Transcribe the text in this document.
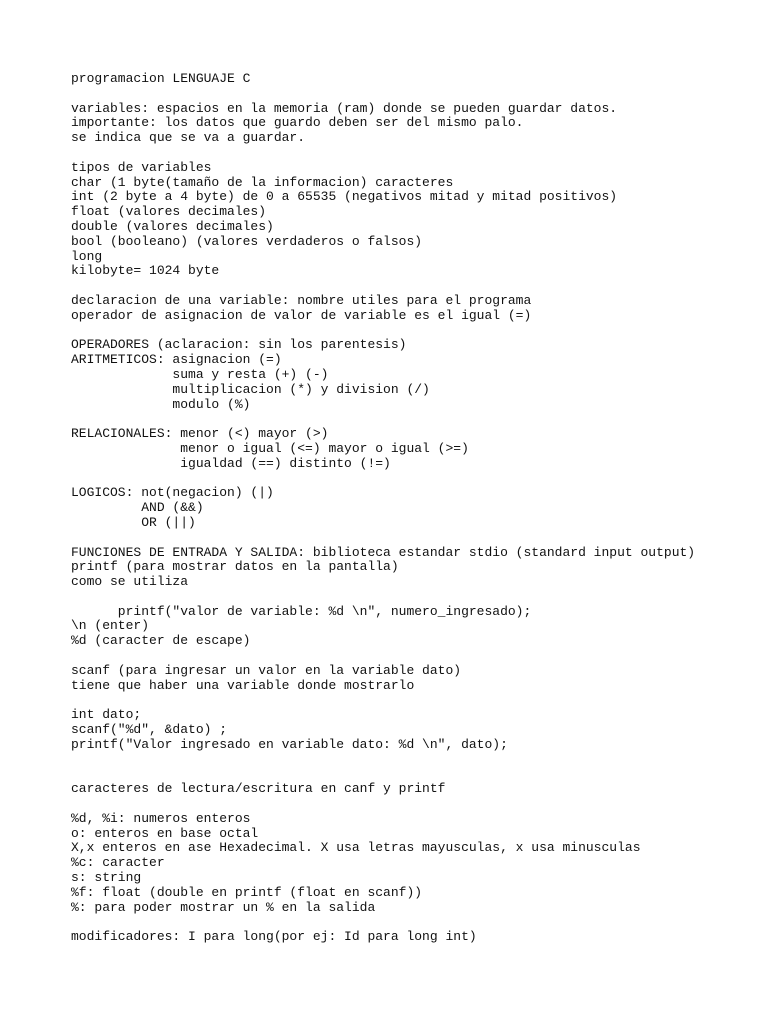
programacion LENGUAJE C
variables: espacios en la memoria (ram) donde se pueden guardar datos.
importante: los datos que guardo deben ser del mismo palo.
se indica que se va a guardar.
tipos de variables
char (1 byte(tamaño de la informacion) caracteres
int (2 byte a 4 byte) de 0 a 65535 (negativos mitad y mitad positivos)
float (valores decimales)
double (valores decimales)
bool (booleano) (valores verdaderos o falsos)
long
kilobyte= 1024 byte
declaracion de una variable: nombre utiles para el programa
operador de asignacion de valor de variable es el igual (=)
OPERADORES (aclaracion: sin los parentesis)
ARITMETICOS: asignacion (=)
suma y resta (+) (-)
multiplicacion (*) y division (/)
modulo (%)
RELACIONALES: menor (<) mayor (>)
menor o igual (<=) mayor o igual (>=)
igualdad (==) distinto (!=)
LOGICOS: not(negacion) (|)
AND (&&)
OR (||)
FUNCIONES DE ENTRADA Y SALIDA: biblioteca estandar stdio (standard input output)
printf (para mostrar datos en la pantalla)
como se utiliza
printf("valor de variable: %d \n", numero_ingresado);
\n (enter)
%d (caracter de escape)
scanf (para ingresar un valor en la variable dato)
tiene que haber una variable donde mostrarlo
int dato;
scanf("%d", &dato) ;
printf("Valor ingresado en variable dato: %d \n", dato);
caracteres de lectura/escritura en canf y printf
%d, %i: numeros enteros
o: enteros en base octal
X,x enteros en ase Hexadecimal. X usa letras mayusculas, x usa minusculas
%c: caracter
s: string
%f: float (double en printf (float en scanf))
%: para poder mostrar un % en la salida
modificadores: I para long(por ej: Id para long int)
